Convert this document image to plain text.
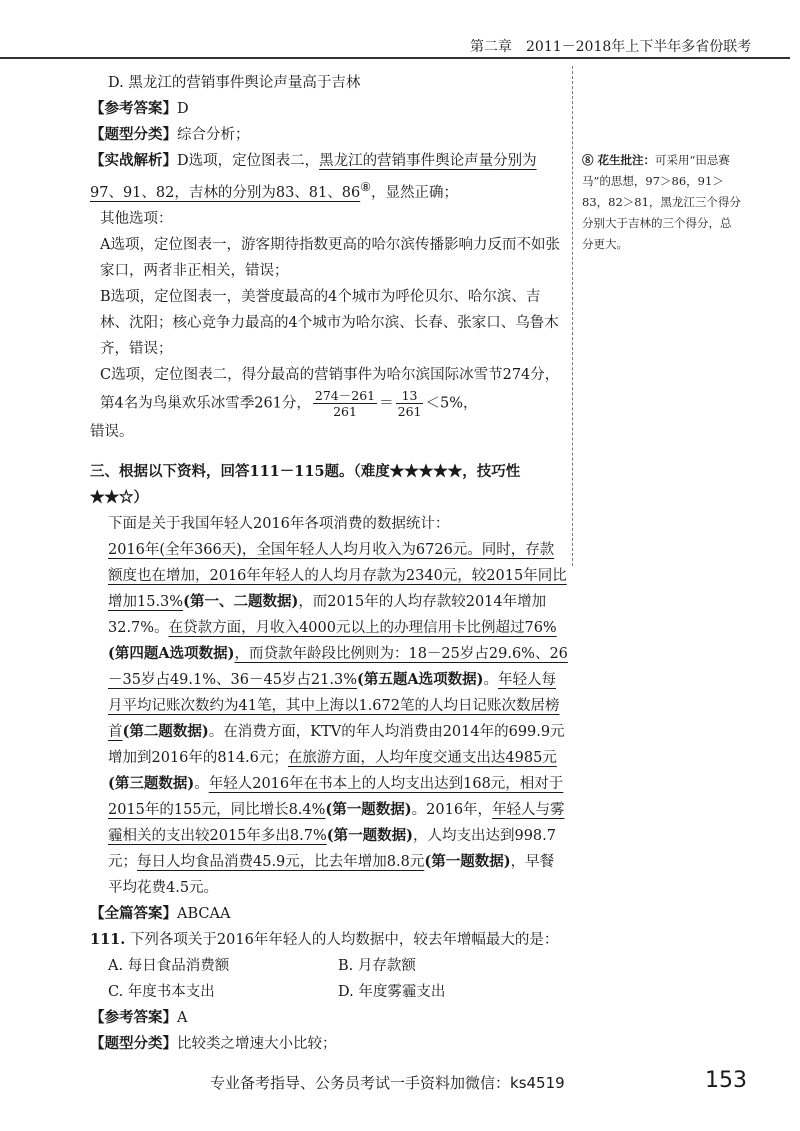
第二章　2011－2018年上下半年多省份联考

D. 黑龙江的营销事件舆论声量高于吉林

【参考答案】D

【题型分类】综合分析；

【实战解析】D选项，定位图表二，黑龙江的营销事件舆论声量分别为97、91、82，吉林的分别为83、81、86⑧，显然正确；

其他选项：

A选项，定位图表一，游客期待指数更高的哈尔滨传播影响力反而不如张家口，两者非正相关，错误；

B选项，定位图表一，美誉度最高的4个城市为呼伦贝尔、哈尔滨、吉林、沈阳；核心竞争力最高的4个城市为哈尔滨、长春、张家口、乌鲁木齐，错误；

C选项，定位图表二，得分最高的营销事件为哈尔滨国际冰雪节274分，第4名为鸟巢欢乐冰雪季261分， $\frac{274-261}{261} = \frac{13}{261} <5\%$，

错误。

三、根据以下资料，回答111－115题。（难度★★★★★，技巧性★★☆）

下面是关于我国年轻人2016年各项消费的数据统计：

2016年(全年366天)，全国年轻人人均月收入为6726元。同时，存款额度也在增加，2016年年轻人的人均月存款为2340元，较2015年同比增加15.3%(第一、二题数据)，而2015年的人均存款较2014年增加32.7%。在贷款方面，月收入4000元以上的办理信用卡比例超过76%(第四题A选项数据)，而贷款年龄段比例则为：18－25岁占29.6%、26－35岁占49.1%、36－45岁占21.3%(第五题A选项数据)。年轻人每月平均记账次数约为41笔，其中上海以1.672笔的人均日记账次数居榜首(第二题数据)。在消费方面，KTV的年人均消费由2014年的699.9元增加到2016年的814.6元；在旅游方面，人均年度交通支出达4985元(第三题数据)。年轻人2016年在书本上的人均支出达到168元，相对于2015年的155元，同比增长8.4%(第一题数据)。2016年，年轻人与雾霾相关的支出较2015年多出8.7%(第一题数据)，人均支出达到998.7元；每日人均食品消费45.9元，比去年增加8.8元(第一题数据)，早餐平均花费4.5元。

【全篇答案】ABCAA

111. 下列各项关于2016年年轻人的人均数据中，较去年增幅最大的是：

A. 每日食品消费额	B. 月存款额
C. 年度书本支出	D. 年度雾霾支出

【参考答案】A

【题型分类】比较类之增速大小比较；

⑧ 花生批注：可采用“田忌赛马”的思想，97＞86，91＞83，82＞81，黑龙江三个得分分别大于吉林的三个得分，总分更大。
专业备考指导、公务员考试一手资料加微信：ks4519	153
